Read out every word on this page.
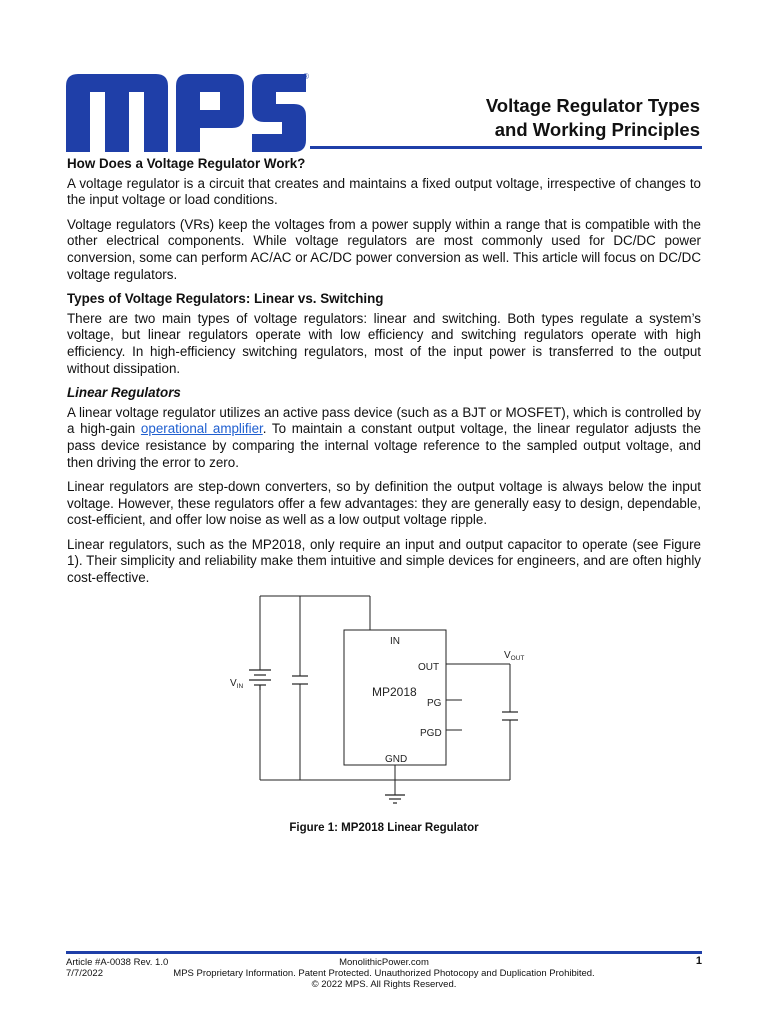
®
Voltage Regulator Types
and Working Principles
How Does a Voltage Regulator Work?

A voltage regulator is a circuit that creates and maintains a fixed output voltage, irrespective of changes to the input voltage or load conditions.

Voltage regulators (VRs) keep the voltages from a power supply within a range that is compatible with the other electrical components. While voltage regulators are most commonly used for DC/DC power conversion, some can perform AC/AC or AC/DC power conversion as well. This article will focus on DC/DC voltage regulators.

Types of Voltage Regulators: Linear vs. Switching

There are two main types of voltage regulators: linear and switching. Both types regulate a system’s voltage, but linear regulators operate with low efficiency and switching regulators operate with high efficiency. In high-efficiency switching regulators, most of the input power is transferred to the output without dissipation.

Linear Regulators

A linear voltage regulator utilizes an active pass device (such as a BJT or MOSFET), which is controlled by a high-gain operational amplifier. To maintain a constant output voltage, the linear regulator adjusts the pass device resistance by comparing the internal voltage reference to the sampled output voltage, and then driving the error to zero.

Linear regulators are step-down converters, so by definition the output voltage is always below the input voltage. However, these regulators offer a few advantages: they are generally easy to design, dependable, cost-efficient, and offer low noise as well as a low output voltage ripple.

Linear regulators, such as the MP2018, only require an input and output capacitor to operate (see Figure 1). Their simplicity and reliability make them intuitive and simple devices for engineers, and are often highly cost-effective.

IN
OUT
PG
PGD
GND
MP2018
$V_{IN}$
$V_{OUT}$
Figure 1: MP2018 Linear Regulator
Article #A-0038 Rev. 1.0	MonolithicPower.com	1
7/7/2022	MPS Proprietary Information. Patent Protected. Unauthorized Photocopy and Duplication Prohibited.
© 2022 MPS. All Rights Reserved.
